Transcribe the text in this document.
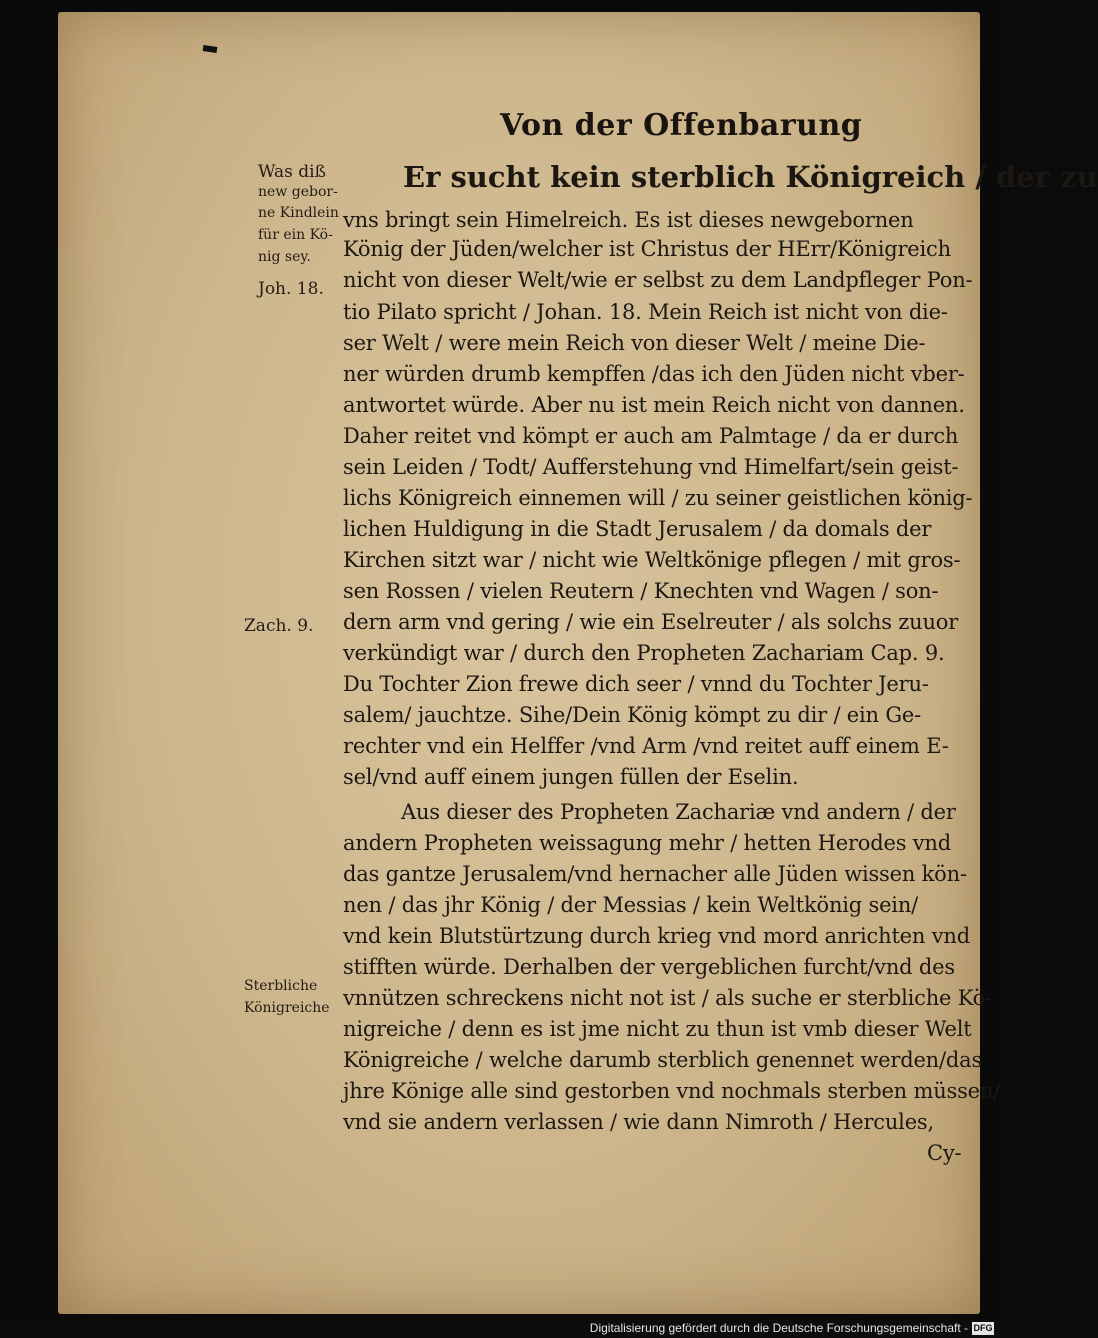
Von der Offenbarung
Was diß
new gebor-
ne Kindlein
für ein Kö-
nig sey.
Joh. 18.
Zach. 9.
Sterbliche
Königreiche
Er sucht kein sterblich Königreich / der zu
vns bringt sein Himelreich. Es ist dieses newgebornen
König der Jüden/welcher ist Christus der HErr/Königreich
nicht von dieser Welt/wie er selbst zu dem Landpfleger Pon-
tio Pilato spricht / Johan. 18. Mein Reich ist nicht von die-
ser Welt / were mein Reich von dieser Welt / meine Die-
ner würden drumb kempffen /das ich den Jüden nicht vber-
antwortet würde. Aber nu ist mein Reich nicht von dannen.
Daher reitet vnd kömpt er auch am Palmtage / da er durch
sein Leiden / Todt/ Aufferstehung vnd Himelfart/sein geist-
lichs Königreich einnemen will / zu seiner geistlichen könig-
lichen Huldigung in die Stadt Jerusalem / da domals der
Kirchen sitzt war / nicht wie Weltkönige pflegen / mit gros-
sen Rossen / vielen Reutern / Knechten vnd Wagen / son-
dern arm vnd gering / wie ein Eselreuter / als solchs zuuor
verkündigt war / durch den Propheten Zachariam Cap. 9.
Du Tochter Zion frewe dich seer / vnnd du Tochter Jeru-
salem/ jauchtze. Sihe/Dein König kömpt zu dir / ein Ge-
rechter vnd ein Helffer /vnd Arm /vnd reitet auff einem E-
sel/vnd auff einem jungen füllen der Eselin.
Aus dieser des Propheten Zachariæ vnd andern / der
andern Propheten weissagung mehr / hetten Herodes vnd
das gantze Jerusalem/vnd hernacher alle Jüden wissen kön-
nen / das jhr König / der Messias / kein Weltkönig sein/
vnd kein Blutstürtzung durch krieg vnd mord anrichten vnd
stifften würde. Derhalben der vergeblichen furcht/vnd des
vnnützen schreckens nicht not ist / als suche er sterbliche Kö-
nigreiche / denn es ist jme nicht zu thun ist vmb dieser Welt
Königreiche / welche darumb sterblich genennet werden/das
jhre Könige alle sind gestorben vnd nochmals sterben müssen/
vnd sie andern verlassen / wie dann Nimroth / Hercules,
Cy-
Digitalisierung gefördert durch die Deutsche Forschungsgemeinschaft - DFG
